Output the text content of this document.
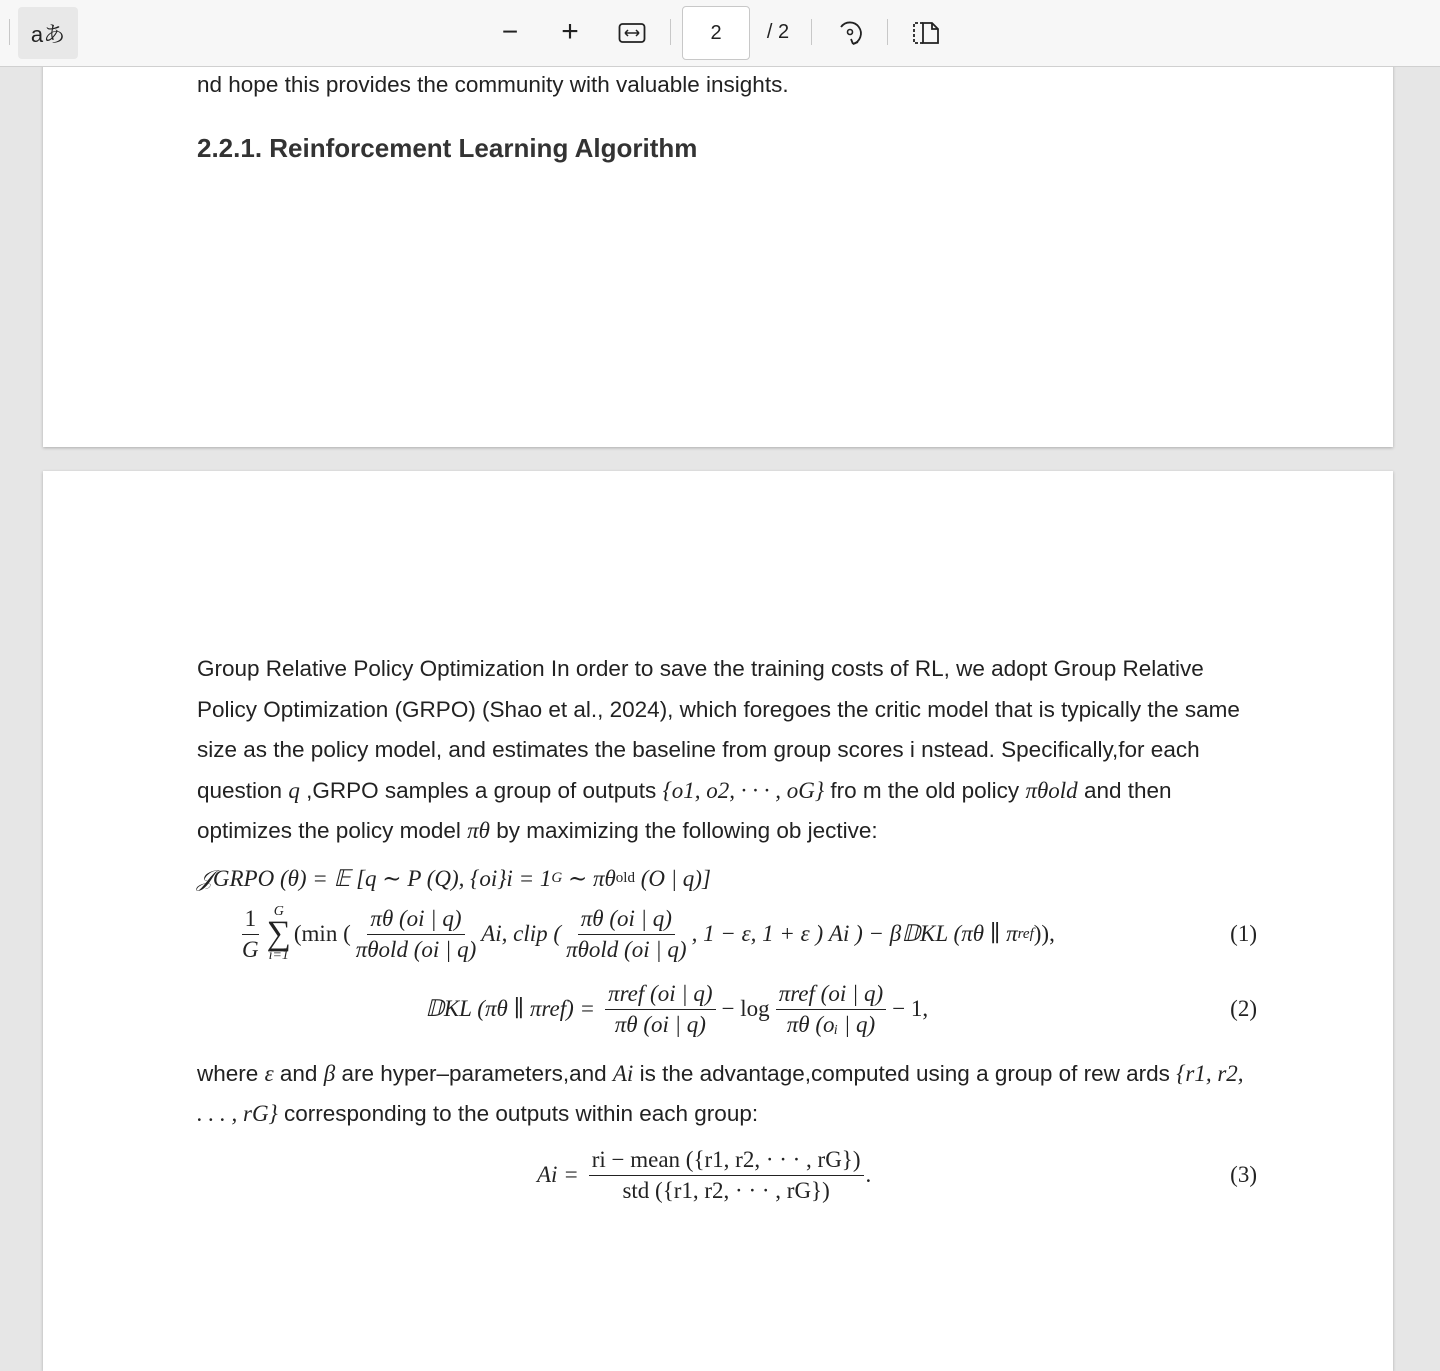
aあ	− +	2	/ 2
nd hope this provides the community with valuable insights.
2.2.1. Reinforcement Learning Algorithm
Group Relative Policy Optimization In order to save the training costs of RL, we adopt Group Relative Policy Optimization (GRPO) (Shao et al., 2024), which foregoes the critic model that is typically the same size as the policy model, and estimates the baseline from group scores i nstead. Specifically,for each question q ,GRPO samples a group of outputs {o1, o2, · · · , oG} fro m the old policy πθold and then optimizes the policy model πθ by maximizing the following ob jective:
𝒥GRPO (θ) = 𝔼 [q ∼ P (Q), {oi}i = 1 G
∼ πθ old
(O | q)]
$\frac{1}{G}$ G
∑
i=1
(min ( $\frac{\pi\theta (oi | q)}{\text{πθold (oi | q)}} Ai$, clip ( $\frac{\pi\theta (oi | q)}{\text{πθold (oi | q)}}$ , 1 − ε, 1 + ε ) Ai ) − β𝔻KL (πθ ∥ π ref )),	(1)
𝔻KL (πθ ∥ $\pi ref) = \frac{\text{πref (oi | q)}}{\pi\theta (oi | q)} - \log \frac{\text{πref (oi | q)}}{\text{πθ (oᵢ | q)}} - 1$,	(2)
where ε and β are hyper–parameters,and Ai is the advantage,computed using a group of rew ards {r1, r2, . . . , rG} corresponding to the outputs within each group:
$Ai = \frac{\text{ri − mean (\{r1, r2, · · · , rG\})}}{\text{std (\{r1, r2, · · · , rG\})}}$ .	(3)
